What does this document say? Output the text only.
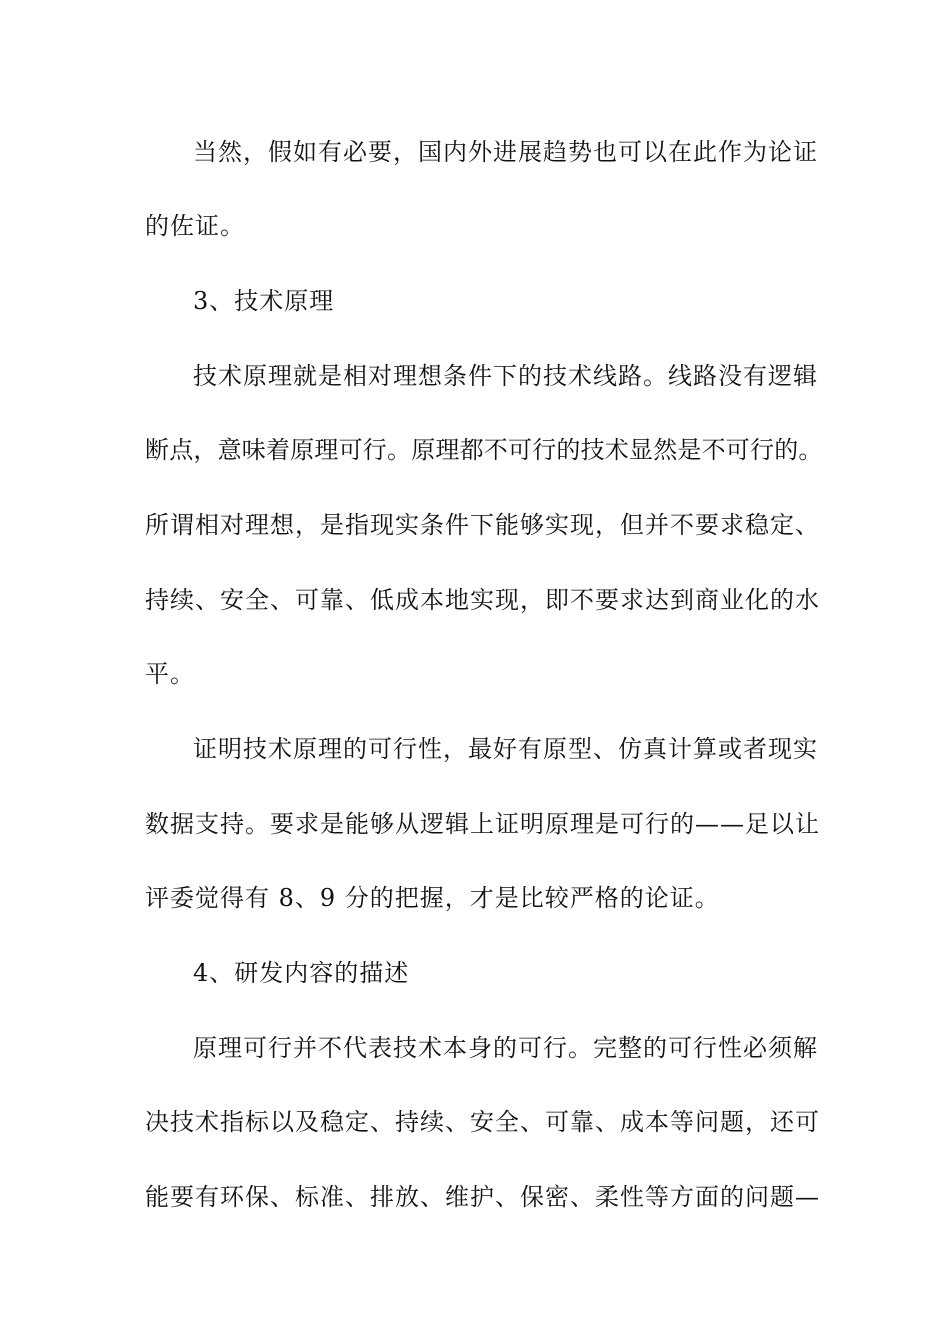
当然，假如有必要，国内外进展趋势也可以在此作为论证
的佐证。
3、技术原理
技术原理就是相对理想条件下的技术线路。线路没有逻辑
断点，意味着原理可行。原理都不可行的技术显然是不可行的。
所谓相对理想，是指现实条件下能够实现，但并不要求稳定、
持续、安全、可靠、低成本地实现，即不要求达到商业化的水
平。
证明技术原理的可行性，最好有原型、仿真计算或者现实
数据支持。要求是能够从逻辑上证明原理是可行的——足以让
评委觉得有 8、9 分的把握，才是比较严格的论证。
4、研发内容的描述
原理可行并不代表技术本身的可行。完整的可行性必须解
决技术指标以及稳定、持续、安全、可靠、成本等问题，还可
能要有环保、标准、排放、维护、保密、柔性等方面的问题—
